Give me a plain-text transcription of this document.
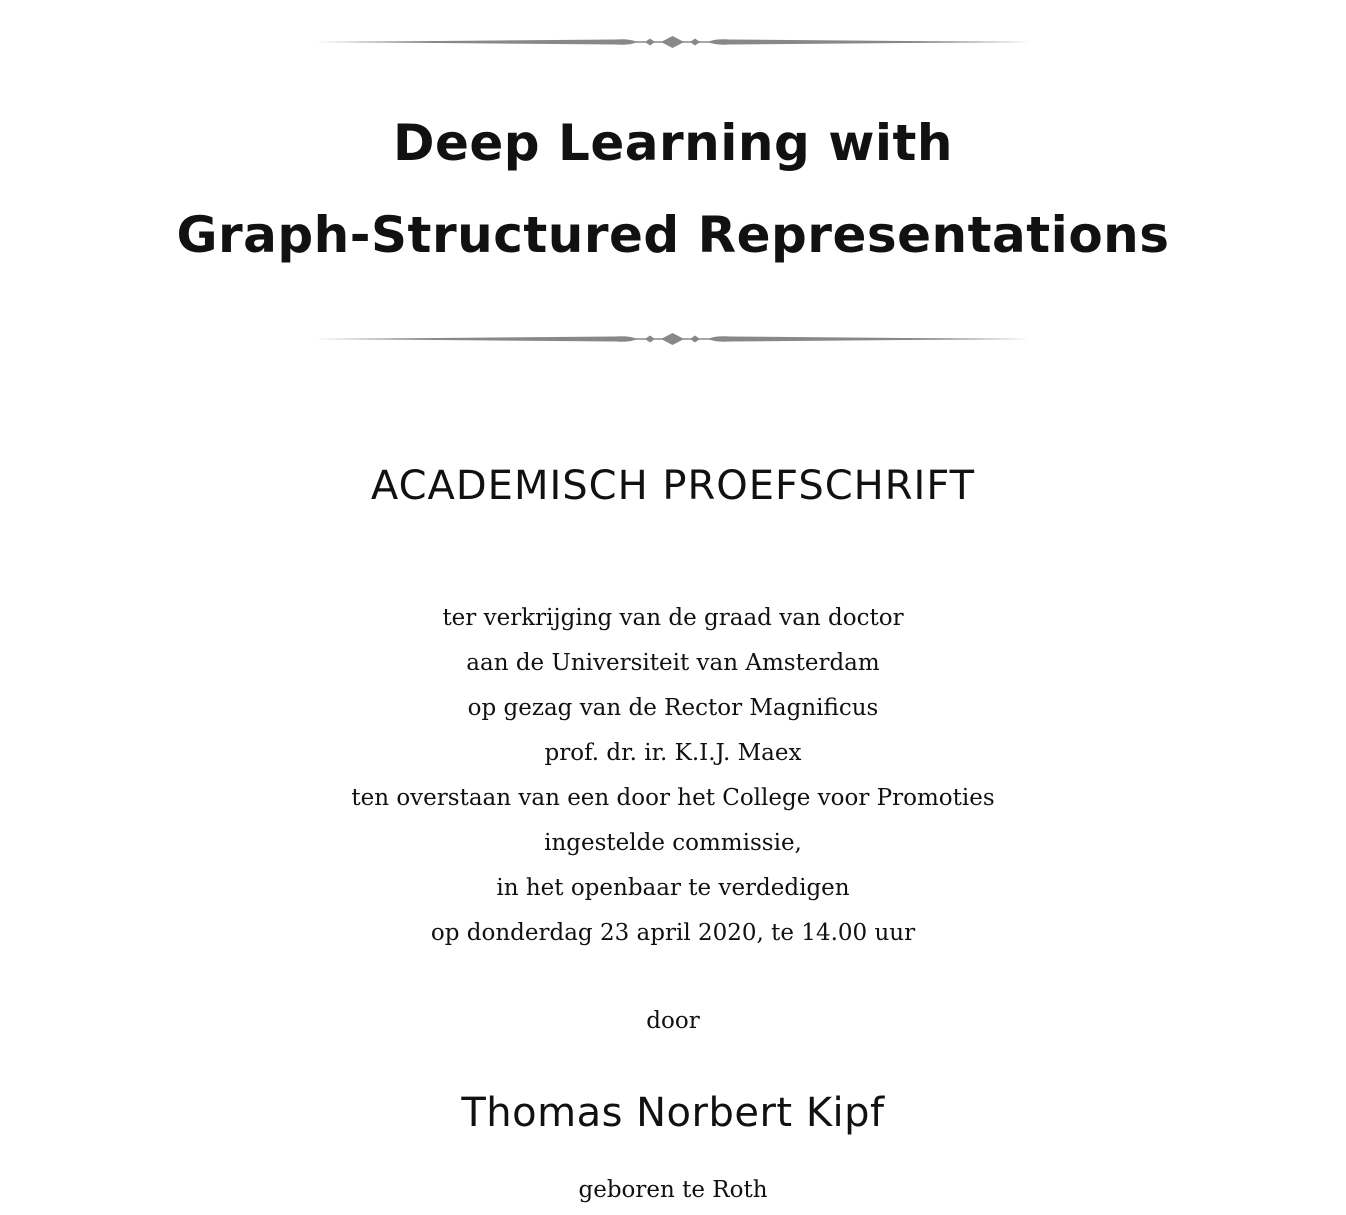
Deep Learning with
Graph-Structured Representations
ACADEMISCH PROEFSCHRIFT
ter verkrijging van de graad van doctor
aan de Universiteit van Amsterdam
op gezag van de Rector Magnificus
prof. dr. ir. K.I.J. Maex
ten overstaan van een door het College voor Promoties
ingestelde commissie,
in het openbaar te verdedigen
op donderdag 23 april 2020, te 14.00 uur
door
Thomas Norbert Kipf
geboren te Roth
